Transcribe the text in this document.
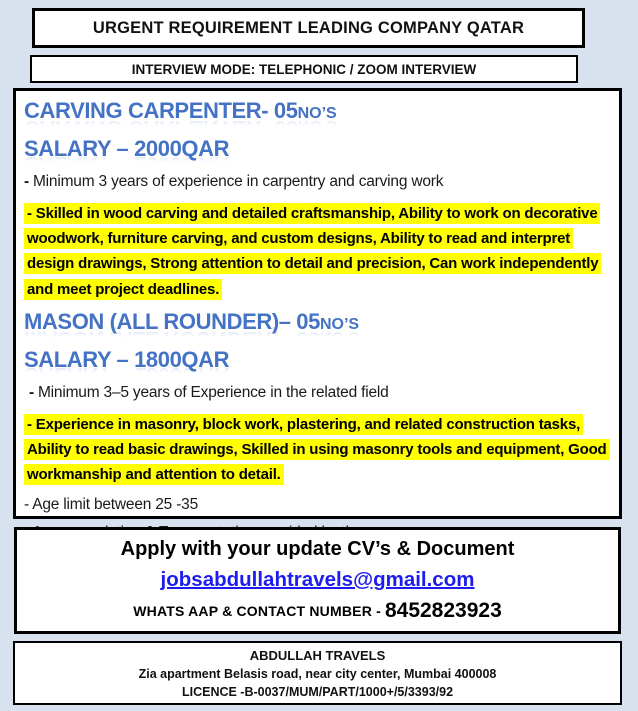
URGENT REQUIREMENT LEADING COMPANY QATAR
INTERVIEW MODE: TELEPHONIC / ZOOM INTERVIEW
CARVING CARPENTER- 05NO’S
SALARY – 2000QAR

- Minimum 3 years of experience in carpentry and carving work

- Skilled in wood carving and detailed craftsmanship, Ability to work on decorative woodwork, furniture carving, and custom designs, Ability to read and interpret design drawings, Strong attention to detail and precision, Can work independently and meet project deadlines.

MASON (ALL ROUNDER)– 05NO’S
SALARY – 1800QAR

- Minimum 3–5 years of Experience in the related field

- Experience in masonry, block work, plastering, and related construction tasks, Ability to read basic drawings, Skilled in using masonry tools and equipment, Good workmanship and attention to detail.

- Age limit between 25 -35

Apply with your update CV’s & Document

jobsabdullahtravels@gmail.com

WHATS AAP & CONTACT NUMBER - 8452823923

ABDULLAH TRAVELS

Zia apartment Belasis road, near city center, Mumbai 400008

LICENCE -B-0037/MUM/PART/1000+/5/3393/92
